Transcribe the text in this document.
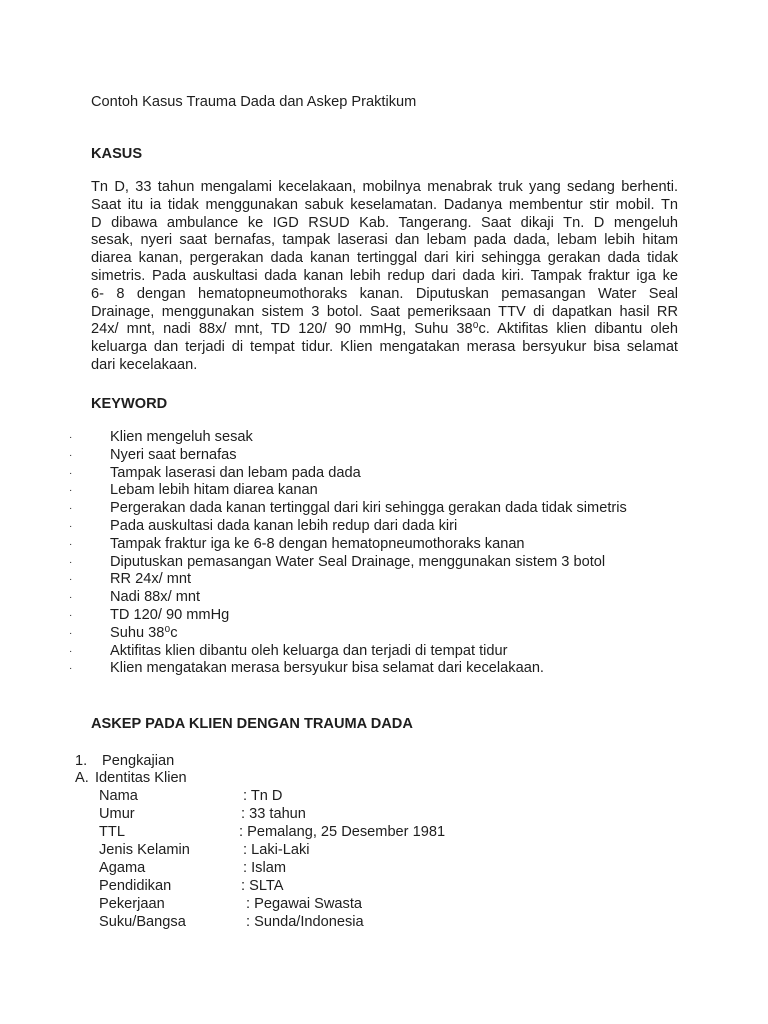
Contoh Kasus Trauma Dada dan Askep Praktikum
KASUS
Tn D, 33 tahun mengalami kecelakaan, mobilnya menabrak truk yang sedang berhenti.
Saat itu ia tidak menggunakan sabuk keselamatan. Dadanya membentur stir mobil. Tn
D dibawa ambulance ke IGD RSUD Kab. Tangerang. Saat dikaji Tn. D mengeluh
sesak, nyeri saat bernafas, tampak laserasi dan lebam pada dada, lebam lebih hitam
diarea kanan, pergerakan dada kanan tertinggal dari kiri sehingga gerakan dada tidak
simetris. Pada auskultasi dada kanan lebih redup dari dada kiri. Tampak fraktur iga ke
6- 8 dengan hematopneumothoraks kanan. Diputuskan pemasangan Water Seal
Drainage, menggunakan sistem 3 botol. Saat pemeriksaan TTV di dapatkan hasil RR
24x/ mnt, nadi 88x/ mnt, TD 120/ 90 mmHg, Suhu 38⁰c. Aktifitas klien dibantu oleh
keluarga dan terjadi di tempat tidur. Klien mengatakan merasa bersyukur bisa selamat
dari kecelakaan.
KEYWORD
·	Klien mengeluh sesak
·	Nyeri saat bernafas
·	Tampak laserasi dan lebam pada dada
·	Lebam lebih hitam diarea kanan
·	Pergerakan dada kanan tertinggal dari kiri sehingga gerakan dada tidak simetris
·	Pada auskultasi dada kanan lebih redup dari dada kiri
·	Tampak fraktur iga ke 6-8 dengan hematopneumothoraks kanan
·	Diputuskan pemasangan Water Seal Drainage, menggunakan sistem 3 botol
·	RR 24x/ mnt
·	Nadi 88x/ mnt
·	TD 120/ 90 mmHg
·	Suhu 38⁰c
·	Aktifitas klien dibantu oleh keluarga dan terjadi di tempat tidur
·	Klien mengatakan merasa bersyukur bisa selamat dari kecelakaan.
ASKEP PADA KLIEN DENGAN TRAUMA DADA
1. Pengkajian
A. Identitas Klien
Nama	: Tn D
Umur	: 33 tahun
TTL	: Pemalang, 25 Desember 1981
Jenis Kelamin	: Laki-Laki
Agama	: Islam
Pendidikan	: SLTA
Pekerjaan	: Pegawai Swasta
Suku/Bangsa	: Sunda/Indonesia
